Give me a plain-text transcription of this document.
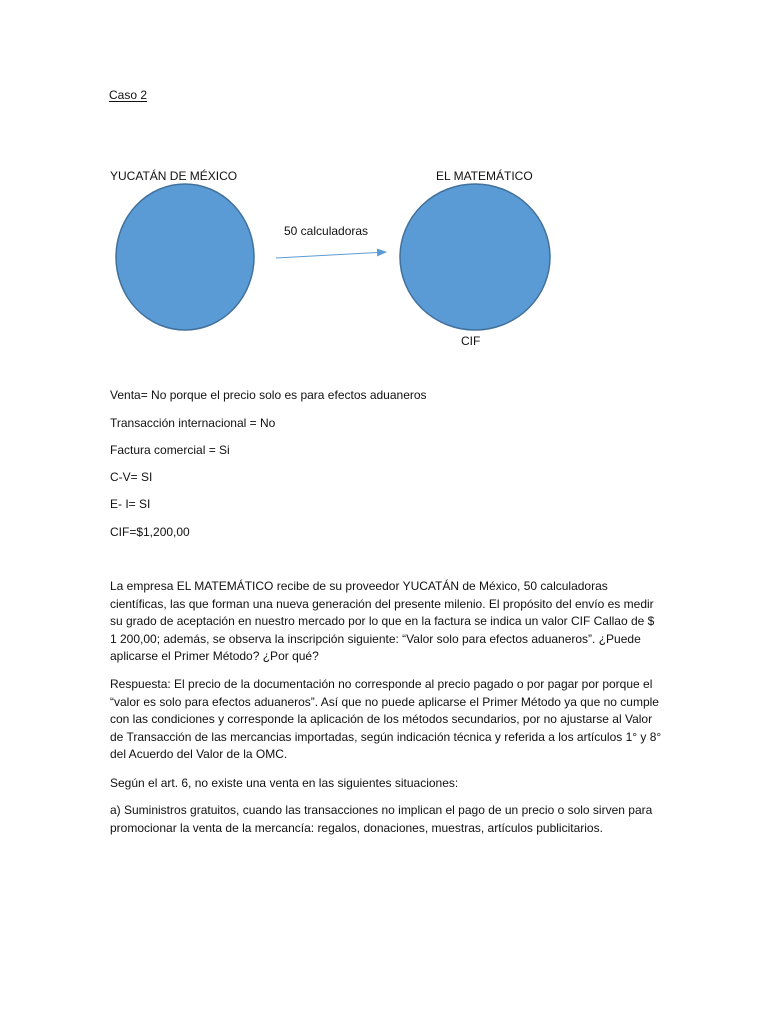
Caso 2
YUCATÁN DE MÉXICO	EL MATEMÁTICO
50 calculadoras
CIF
Venta= No porque el precio solo es para efectos aduaneros
Transacción internacional = No
Factura comercial = Si
C-V= SI
E- I= SI
CIF=$1,200,00
La empresa EL MATEMÁTICO recibe de su proveedor YUCATÁN de México, 50 calculadoras científicas, las que forman una nueva generación del presente milenio. El propósito del envío es medir su grado de aceptación en nuestro mercado por lo que en la factura se indica un valor CIF Callao de $ 1 200,00; además, se observa la inscripción siguiente: “Valor solo para efectos aduaneros”. ¿Puede aplicarse el Primer Método? ¿Por qué?
Respuesta: El precio de la documentación no corresponde al precio pagado o por pagar por porque el “valor es solo para efectos aduaneros”. Así que no puede aplicarse el Primer Método ya que no cumple con las condiciones y corresponde la aplicación de los métodos secundarios, por no ajustarse al Valor de Transacción de las mercancias importadas, según indicación técnica y referida a los artículos 1° y 8° del Acuerdo del Valor de la OMC.
Según el art. 6, no existe una venta en las siguientes situaciones:
a) Suministros gratuitos, cuando las transacciones no implican el pago de un precio o solo sirven para promocionar la venta de la mercancía: regalos, donaciones, muestras, artículos publicitarios.
